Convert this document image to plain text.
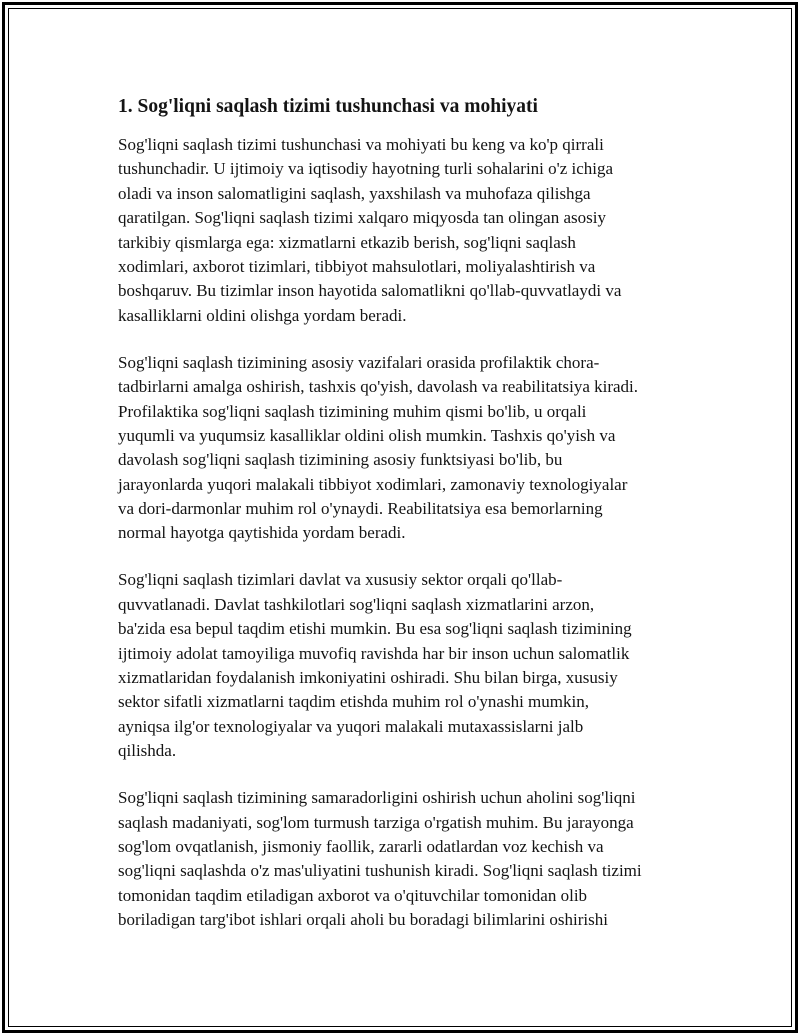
1. Sog'liqni saqlash tizimi tushunchasi va mohiyati
Sog'liqni saqlash tizimi tushunchasi va mohiyati bu keng va ko'p qirrali
tushunchadir. U ijtimoiy va iqtisodiy hayotning turli sohalarini o'z ichiga
oladi va inson salomatligini saqlash, yaxshilash va muhofaza qilishga
qaratilgan. Sog'liqni saqlash tizimi xalqaro miqyosda tan olingan asosiy
tarkibiy qismlarga ega: xizmatlarni etkazib berish, sog'liqni saqlash
xodimlari, axborot tizimlari, tibbiyot mahsulotlari, moliyalashtirish va
boshqaruv. Bu tizimlar inson hayotida salomatlikni qo'llab-quvvatlaydi va
kasalliklarni oldini olishga yordam beradi.
Sog'liqni saqlash tizimining asosiy vazifalari orasida profilaktik chora-
tadbirlarni amalga oshirish, tashxis qo'yish, davolash va reabilitatsiya kiradi.
Profilaktika sog'liqni saqlash tizimining muhim qismi bo'lib, u orqali
yuqumli va yuqumsiz kasalliklar oldini olish mumkin. Tashxis qo'yish va
davolash sog'liqni saqlash tizimining asosiy funktsiyasi bo'lib, bu
jarayonlarda yuqori malakali tibbiyot xodimlari, zamonaviy texnologiyalar
va dori-darmonlar muhim rol o'ynaydi. Reabilitatsiya esa bemorlarning
normal hayotga qaytishida yordam beradi.
Sog'liqni saqlash tizimlari davlat va xususiy sektor orqali qo'llab-
quvvatlanadi. Davlat tashkilotlari sog'liqni saqlash xizmatlarini arzon,
ba'zida esa bepul taqdim etishi mumkin. Bu esa sog'liqni saqlash tizimining
ijtimoiy adolat tamoyiliga muvofiq ravishda har bir inson uchun salomatlik
xizmatlaridan foydalanish imkoniyatini oshiradi. Shu bilan birga, xususiy
sektor sifatli xizmatlarni taqdim etishda muhim rol o'ynashi mumkin,
ayniqsa ilg'or texnologiyalar va yuqori malakali mutaxassislarni jalb
qilishda.
Sog'liqni saqlash tizimining samaradorligini oshirish uchun aholini sog'liqni
saqlash madaniyati, sog'lom turmush tarziga o'rgatish muhim. Bu jarayonga
sog'lom ovqatlanish, jismoniy faollik, zararli odatlardan voz kechish va
sog'liqni saqlashda o'z mas'uliyatini tushunish kiradi. Sog'liqni saqlash tizimi
tomonidan taqdim etiladigan axborot va o'qituvchilar tomonidan olib
boriladigan targ'ibot ishlari orqali aholi bu boradagi bilimlarini oshirishi
